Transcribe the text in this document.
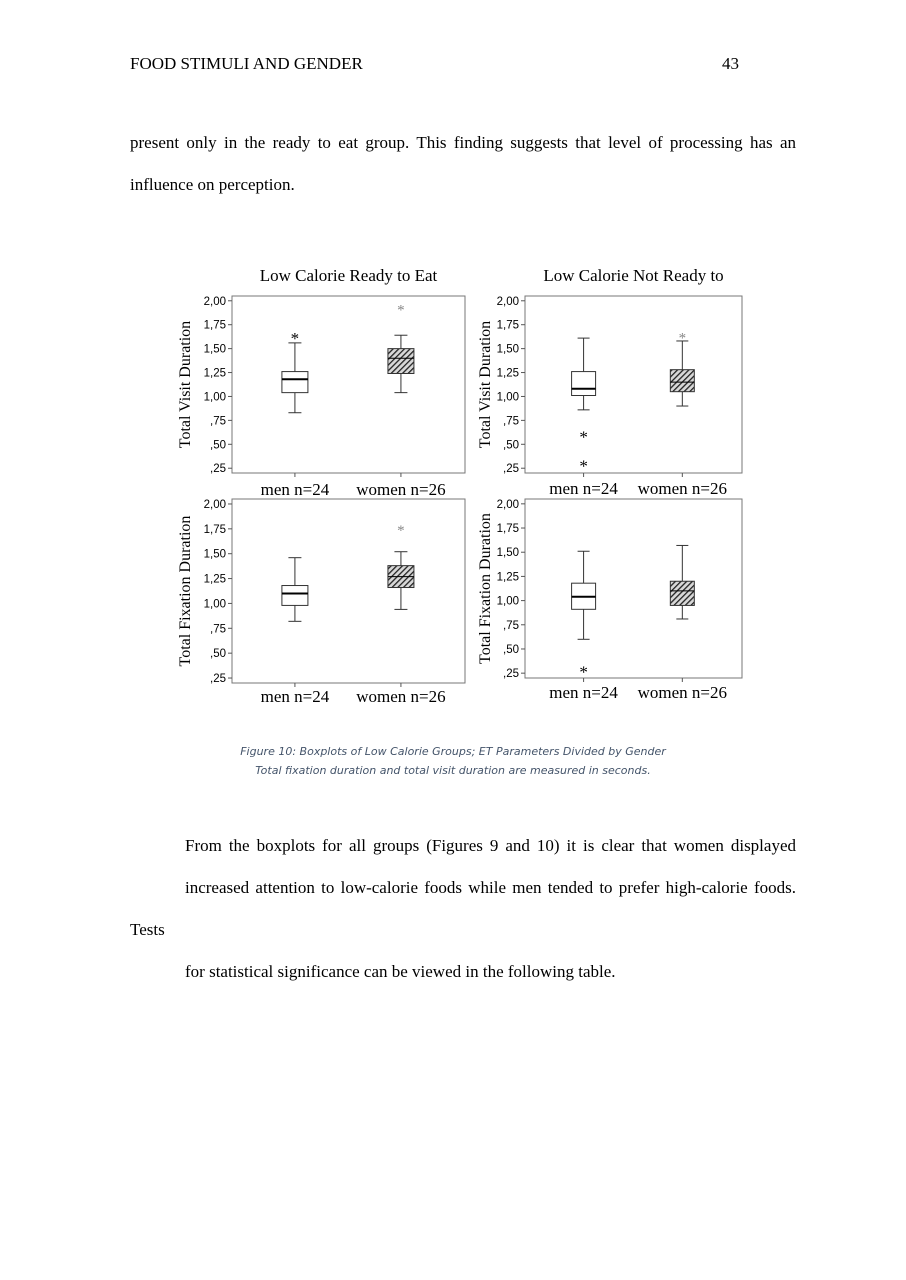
FOOD STIMULI AND GENDER	43

present only in the ready to eat group. This finding suggests that level of processing has an
influence on perception.

Low Calorie Ready to Eat
,25
,50
,75
1,00
1,25
1,50
1,75
2,00
Total Visit Duration
men n=24
*
women n=26
*
Low Calorie Not Ready to
,25
,50
,75
1,00
1,25
1,50
1,75
2,00
Total Visit Duration
men n=24
*
*
women n=26
*
,25
,50
,75
1,00
1,25
1,50
1,75
2,00
Total Fixation Duration
men n=24 women n=26
*
,25
,50
,75
1,00
1,25
1,50
1,75
2,00
Total Fixation Duration
men n=24
*
women n=26
Figure 10: Boxplots of Low Calorie Groups; ET Parameters Divided by Gender
Total fixation duration and total visit duration are measured in seconds.

From the boxplots for all groups (Figures 9 and 10) it is clear that women displayed
increased attention to low-calorie foods while men tended to prefer high-calorie foods. Tests
for statistical significance can be viewed in the following table.
